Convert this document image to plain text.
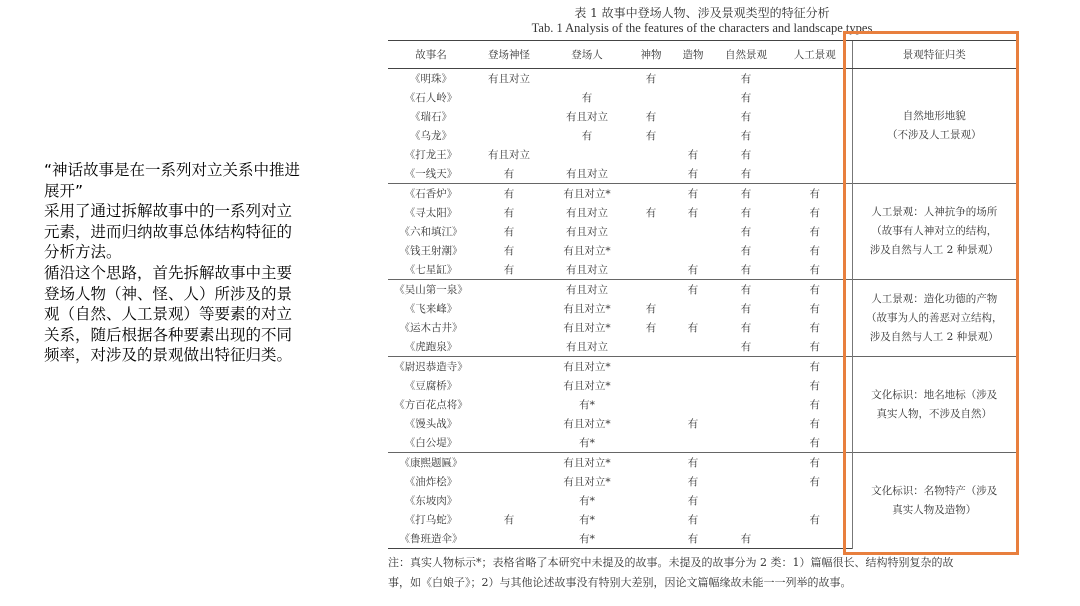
“神话故事是在一系列对立关系中推进展开”

采用了通过拆解故事中的一系列对立元素，进而归纳故事总体结构特征的分析方法。

循沿这个思路，首先拆解故事中主要登场人物（神、怪、人）所涉及的景观（自然、人工景观）等要素的对立关系，随后根据各种要素出现的不同频率，对涉及的景观做出特征归类。

表 1 故事中登场人物、涉及景观类型的特征分析
Tab. 1 Analysis of the features of the characters and landscape types
故事名	登场神怪	登场人	神物	造物	自然景观	人工景观	景观特征归类
《明珠》	有且对立		有		有		自然地形地貌
（不涉及人工景观）

《石人岭》		有			有		
《瑞石》		有且对立	有		有		
《乌龙》		有	有		有		
《打龙王》	有且对立			有	有		
《一线天》	有	有且对立		有	有		
《石香炉》	有	有且对立*		有	有	有	人工景观：人神抗争的场所
（故事有人神对立的结构，
涉及自然与人工 2 种景观）

《寻太阳》	有	有且对立	有	有	有	有	
《六和填江》	有	有且对立			有	有	
《钱王射潮》	有	有且对立*			有	有	
《七星缸》	有	有且对立		有	有	有	
《吴山第一泉》		有且对立		有	有	有	人工景观：造化功德的产物
（故事为人的善恶对立结构，
涉及自然与人工 2 种景观）

《飞来峰》		有且对立*	有		有	有	
《运木古井》		有且对立*	有	有	有	有	
《虎跑泉》		有且对立			有	有	
《尉迟恭造寺》		有且对立*				有	文化标识：地名地标（涉及
真实人物，不涉及自然）

《豆腐桥》		有且对立*				有	
《方百花点将》		有*				有	
《馒头战》		有且对立*		有		有	
《白公堤》		有*				有	
《康熙题匾》		有且对立*		有		有	文化标识：名物特产（涉及
真实人物及造物）

《油炸桧》		有且对立*		有		有	
《东坡肉》		有*		有			
《打乌蛇》	有	有*		有		有	
《鲁班造伞》		有*		有	有		

注：真实人物标示*；表格省略了本研究中未提及的故事。未提及的故事分为 2 类：1）篇幅很长、结构特别复杂的故

事，如《白娘子》；2）与其他论述故事没有特别大差别，因论文篇幅缘故未能一一列举的故事。
